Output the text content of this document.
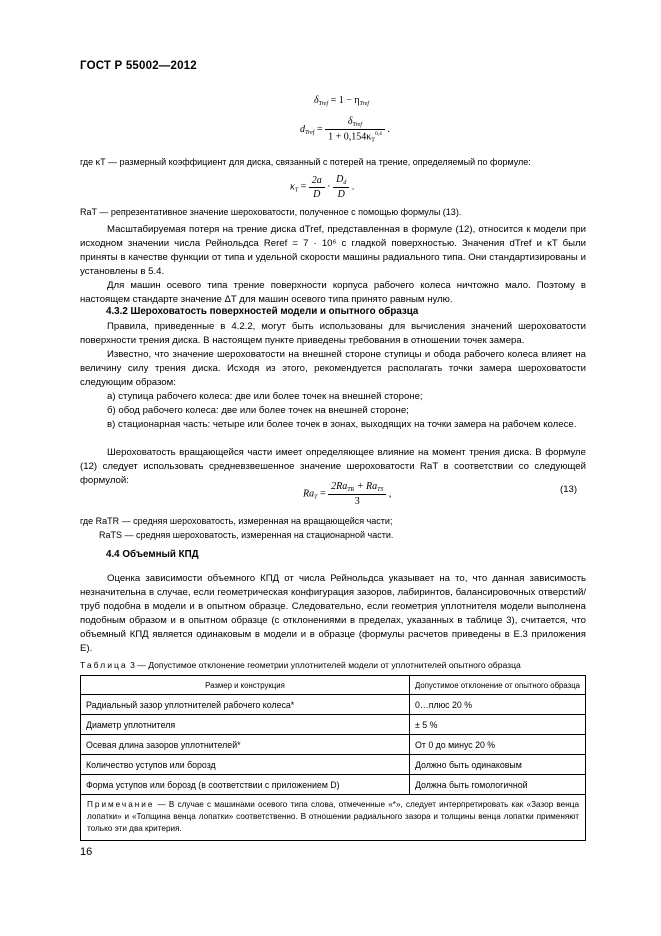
ГОСТ Р 55002—2012
$\delta_{Tref} = 1 - \eta_{Tref}$
$d_{Tref} = \frac{\delta_{Tref}}{1 + 0,154\kappa_T^{0,4}}$ .
где κT — размерный коэффициент для диска, связанный с потерей на трение, определяемый по формуле:
$\kappa_T = \frac{2a}{D} \cdot \frac{D_d}{D}$ .
RaT — репрезентативное значение шероховатости, полученное с помощью формулы (13).
Масштабируемая потеря на трение диска dTref, представленная в формуле (12), относится к модели при исходном значении числа Рейнольдса Reref = 7 · 10⁶ с гладкой поверхностью. Значения dTref и κT были приняты в качестве функции от типа и удельной скорости машины радиального типа. Они стандартизированы и установлены в 5.4.
Для машин осевого типа трение поверхности корпуса рабочего колеса ничтожно мало. Поэтому в настоящем стандарте значение ΔT для машин осевого типа принято равным нулю.
4.3.2 Шероховатость поверхностей модели и опытного образца
Правила, приведенные в 4.2.2, могут быть использованы для вычисления значений шероховатости поверхности трения диска. В настоящем пункте приведены требования в отношении точек замера.
Известно, что значение шероховатости на внешней стороне ступицы и обода рабочего колеса влияет на величину силу трения диска. Исходя из этого, рекомендуется располагать точки замера шероховатости следующим образом:
а) ступица рабочего колеса: две или более точек на внешней стороне;
б) обод рабочего колеса: две или более точек на внешней стороне;
в) стационарная часть: четыре или более точек в зонах, выходящих на точки замера на рабочем колесе.
Шероховатость вращающейся части имеет определяющее влияние на момент трения диска. В формуле (12) следует использовать средневзвешенное значение шероховатости RaT в соответствии со следующей формулой:
$Ra_T = \frac{2Ra_{TR} + Ra_{TS}}{3}$ ,	(13)
где RaTR — средняя шероховатость, измеренная на вращающейся части;
RaTS — средняя шероховатость, измеренная на стационарной части.
4.4 Объемный КПД
Оценка зависимости объемного КПД от числа Рейнольдса указывает на то, что данная зависимость незначительна в случае, если геометрическая конфигурация зазоров, лабиринтов, балансировочных отверстий/труб подобна в модели и в опытном образце. Следовательно, если геометрия уплотнителя модели выполнена подобным образом и в опытном образце (с отклонениями в пределах, указанных в таблице 3), считается, что объемный КПД является одинаковым в модели и в образце (формулы расчетов приведены в Е.3 приложения Е).
Таблица 3 — Допустимое отклонение геометрии уплотнителей модели от уплотнителей опытного образца
Размер и конструкция	Допустимое отклонение от опытного образца
Радиальный зазор уплотнителей рабочего колеса*	0…плюс 20 %
Диаметр уплотнителя	± 5 %
Осевая длина зазоров уплотнителей*	От 0 до минус 20 %
Количество уступов или борозд	Должно быть одинаковым
Форма уступов или борозд (в соответствии с приложением D)	Должна быть гомологичной
Примечание — В случае с машинами осевого типа слова, отмеченные «*», следует интерпретировать как «Зазор венца лопатки» и «Толщина венца лопатки» соответственно. В отношении радиального зазора и толщины венца лопатки применяют только эти два критерия.	
16
